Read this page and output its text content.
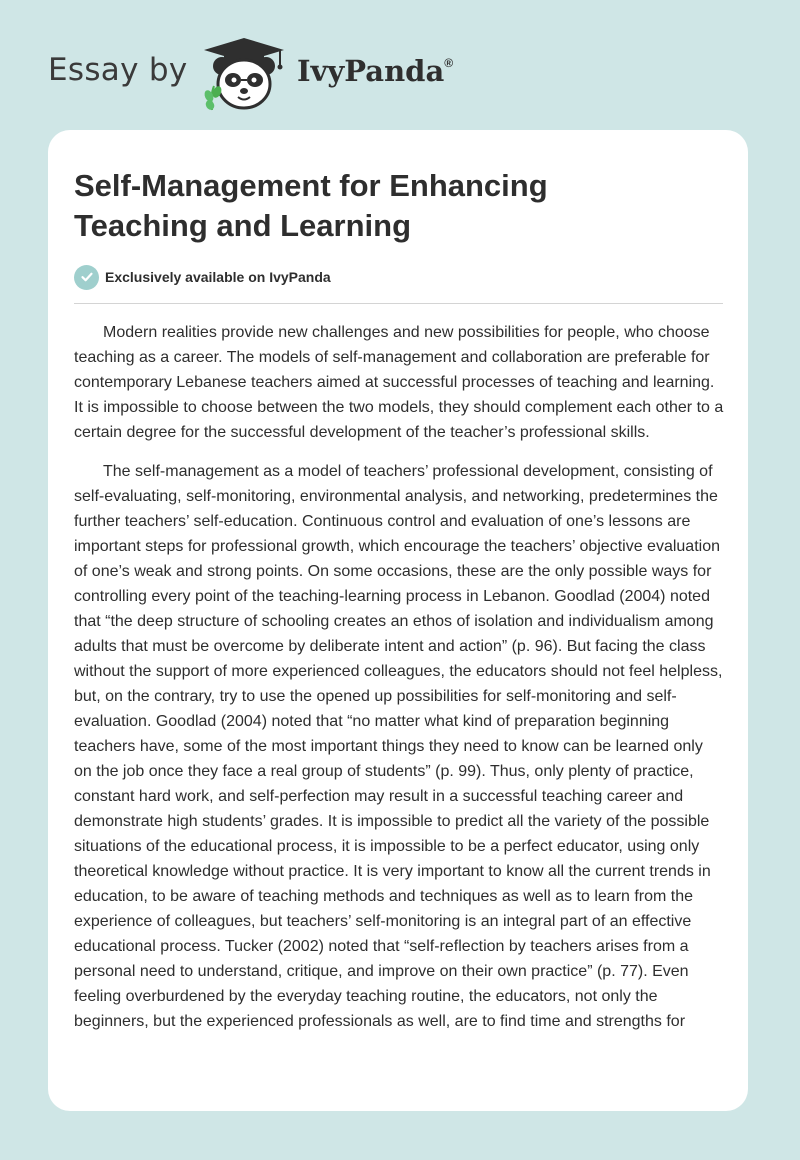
Essay by	IvyPanda®
Self-Management for Enhancing
Teaching and Learning
Exclusively available on IvyPanda

Modern realities provide new challenges and new possibilities for people, who choose teaching as a career. The models of self-management and collaboration are preferable for contemporary Lebanese teachers aimed at successful processes of teaching and learning. It is impossible to choose between the two models, they should complement each other to a certain degree for the successful development of the teacher’s professional skills.

The self-management as a model of teachers’ professional development, consisting of self-evaluating, self-monitoring, environmental analysis, and networking, predetermines the further teachers’ self-education. Continuous control and evaluation of one’s lessons are important steps for professional growth, which encourage the teachers’ objective evaluation of one’s weak and strong points. On some occasions, these are the only possible ways for controlling every point of the teaching-learning process in Lebanon. Goodlad (2004) noted that “the deep structure of schooling creates an ethos of isolation and individualism among adults that must be overcome by deliberate intent and action” (p. 96). But facing the class without the support of more experienced colleagues, the educators should not feel helpless, but, on the contrary, try to use the opened up possibilities for self-monitoring and self-evaluation. Goodlad (2004) noted that “no matter what kind of preparation beginning teachers have, some of the most important things they need to know can be learned only on the job once they face a real group of students” (p. 99). Thus, only plenty of practice, constant hard work, and self-perfection may result in a successful teaching career and demonstrate high students’ grades. It is impossible to predict all the variety of the possible situations of the educational process, it is impossible to be a perfect educator, using only theoretical knowledge without practice. It is very important to know all the current trends in education, to be aware of teaching methods and techniques as well as to learn from the experience of colleagues, but teachers’ self-monitoring is an integral part of an effective educational process. Tucker (2002) noted that “self-reflection by teachers arises from a personal need to understand, critique, and improve on their own practice” (p. 77). Even feeling overburdened by the everyday teaching routine, the educators, not only the beginners, but the experienced professionals as well, are to find time and strengths for
